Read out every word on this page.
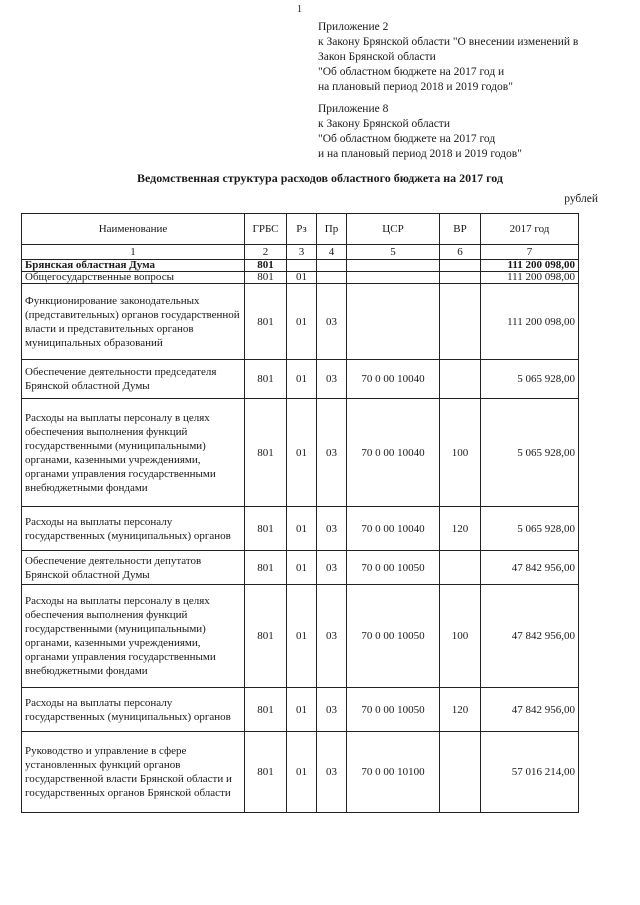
1
Приложение 2
к Закону Брянской области "О внесении изменений в
Закон Брянской области
"Об областном бюджете на 2017 год и
на плановый период 2018 и 2019 годов"
Приложение 8
к Закону Брянской области
"Об областном бюджете на 2017 год
и на плановый период 2018 и 2019 годов"
Ведомственная структура расходов областного бюджета на 2017 год
рублей
Наименование	ГРБС	Рз	Пр	ЦСР	ВР	2017 год
1	2	3	4	5	6	7
Брянская областная Дума	801					111 200 098,00
Общегосударственные вопросы	801	01				111 200 098,00
Функционирование законодательных (представительных) органов государственной власти и представительных органов муниципальных образований	801	01	03			111 200 098,00
Обеспечение деятельности председателя Брянской областной Думы	801	01	03	70 0 00 10040		5 065 928,00
Расходы на выплаты персоналу в целях обеспечения выполнения функций государственными (муниципальными) органами, казенными учреждениями, органами управления государственными внебюджетными фондами	801	01	03	70 0 00 10040	100	5 065 928,00
Расходы на выплаты персоналу государственных (муниципальных) органов	801	01	03	70 0 00 10040	120	5 065 928,00
Обеспечение деятельности депутатов Брянской областной Думы	801	01	03	70 0 00 10050		47 842 956,00
Расходы на выплаты персоналу в целях обеспечения выполнения функций государственными (муниципальными) органами, казенными учреждениями, органами управления государственными внебюджетными фондами	801	01	03	70 0 00 10050	100	47 842 956,00
Расходы на выплаты персоналу государственных (муниципальных) органов	801	01	03	70 0 00 10050	120	47 842 956,00
Руководство и управление в сфере установленных функций органов государственной власти Брянской области и государственных органов Брянской области	801	01	03	70 0 00 10100		57 016 214,00
